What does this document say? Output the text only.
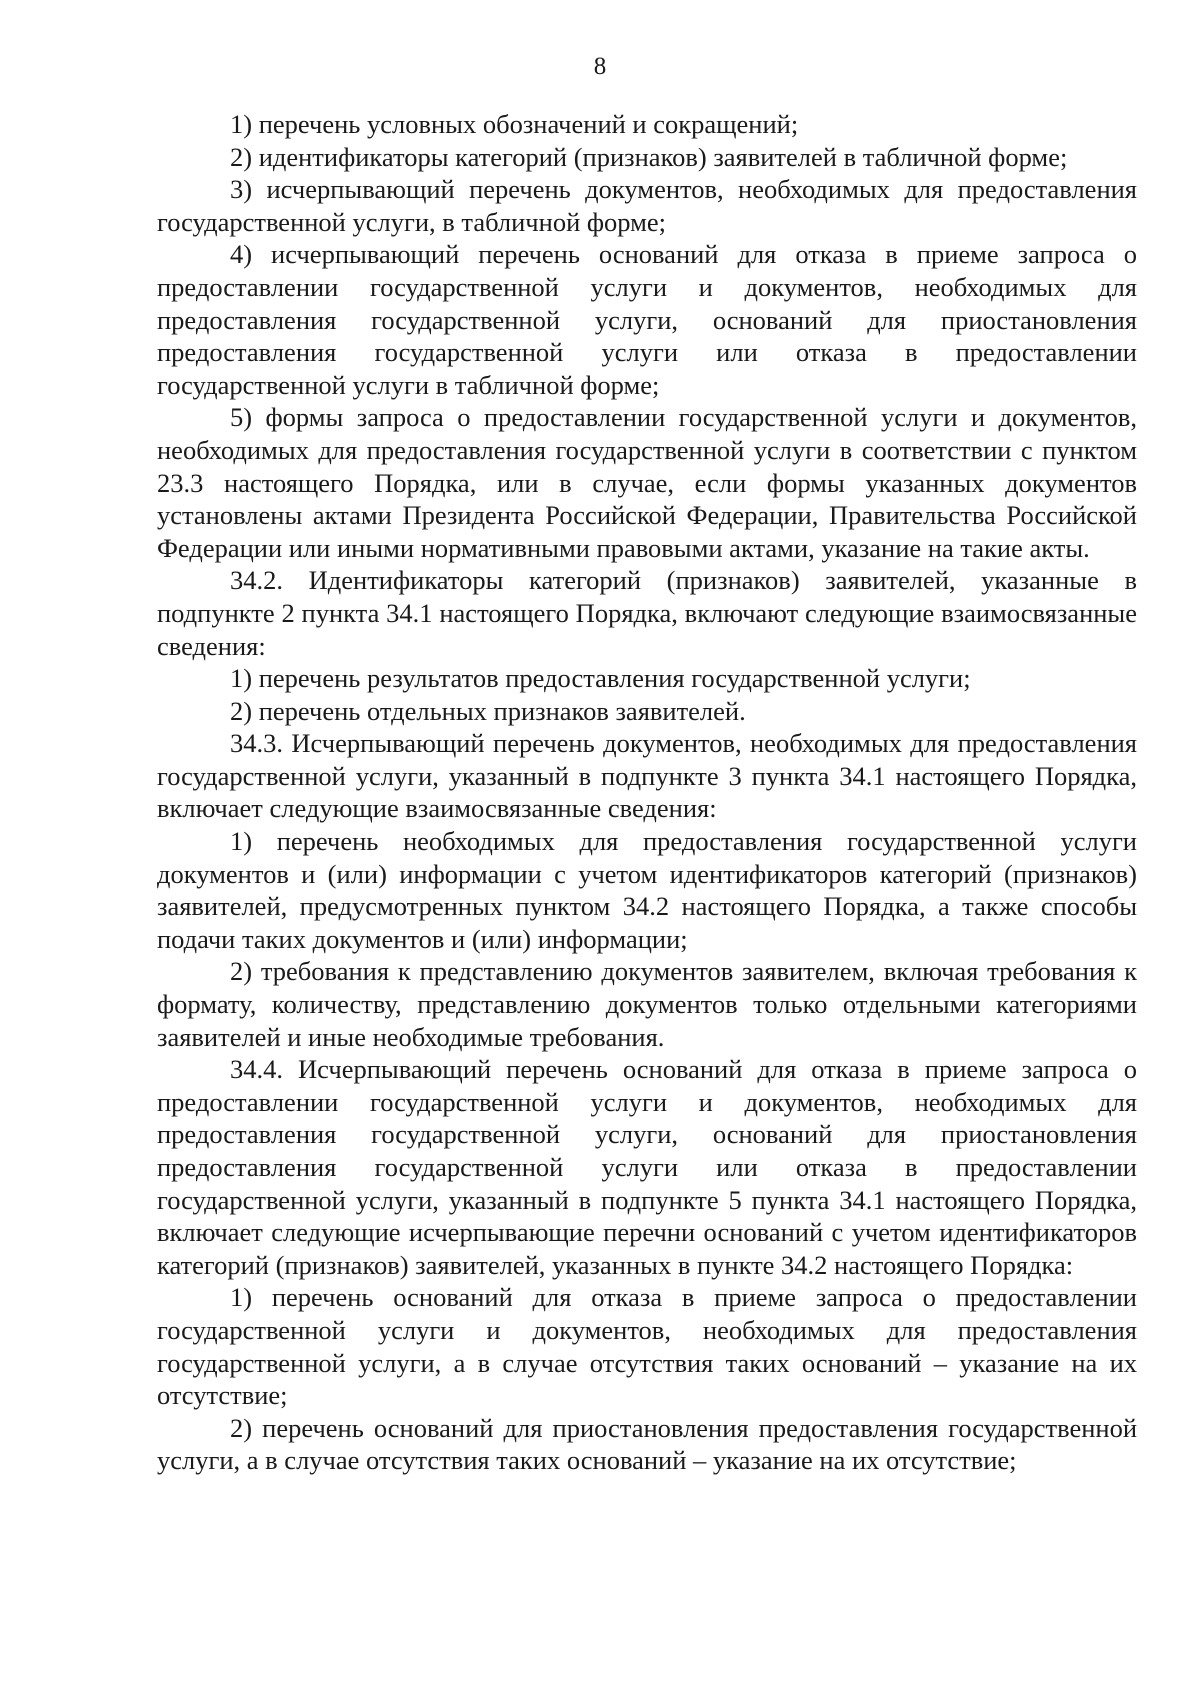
8

1) перечень условных обозначений и сокращений;

2) идентификаторы категорий (признаков) заявителей в табличной форме;

3) исчерпывающий перечень документов, необходимых для предоставления государственной услуги, в табличной форме;

4) исчерпывающий перечень оснований для отказа в приеме запроса о предоставлении государственной услуги и документов, необходимых для предоставления государственной услуги, оснований для приостановления предоставления государственной услуги или отказа в предоставлении государственной услуги в табличной форме;

5) формы запроса о предоставлении государственной услуги и документов, необходимых для предоставления государственной услуги в соответствии с пунктом 23.3 настоящего Порядка, или в случае, если формы указанных документов установлены актами Президента Российской Федерации, Правительства Российской Федерации или иными нормативными правовыми актами, указание на такие акты.

34.2. Идентификаторы категорий (признаков) заявителей, указанные в подпункте 2 пункта 34.1 настоящего Порядка, включают следующие взаимосвязанные сведения:

1) перечень результатов предоставления государственной услуги;

2) перечень отдельных признаков заявителей.

34.3. Исчерпывающий перечень документов, необходимых для предоставления государственной услуги, указанный в подпункте 3 пункта 34.1 настоящего Порядка, включает следующие взаимосвязанные сведения:

1) перечень необходимых для предоставления государственной услуги документов и (или) информации с учетом идентификаторов категорий (признаков) заявителей, предусмотренных пунктом 34.2 настоящего Порядка, а также способы подачи таких документов и (или) информации;

2) требования к представлению документов заявителем, включая требования к формату, количеству, представлению документов только отдельными категориями заявителей и иные необходимые требования.

34.4. Исчерпывающий перечень оснований для отказа в приеме запроса о предоставлении государственной услуги и документов, необходимых для предоставления государственной услуги, оснований для приостановления предоставления государственной услуги или отказа в предоставлении государственной услуги, указанный в подпункте 5 пункта 34.1 настоящего Порядка, включает следующие исчерпывающие перечни оснований с учетом идентификаторов категорий (признаков) заявителей, указанных в пункте 34.2 настоящего Порядка:

1) перечень оснований для отказа в приеме запроса о предоставлении государственной услуги и документов, необходимых для предоставления государственной услуги, а в случае отсутствия таких оснований – указание на их отсутствие;

2) перечень оснований для приостановления предоставления государственной услуги, а в случае отсутствия таких оснований – указание на их отсутствие;
